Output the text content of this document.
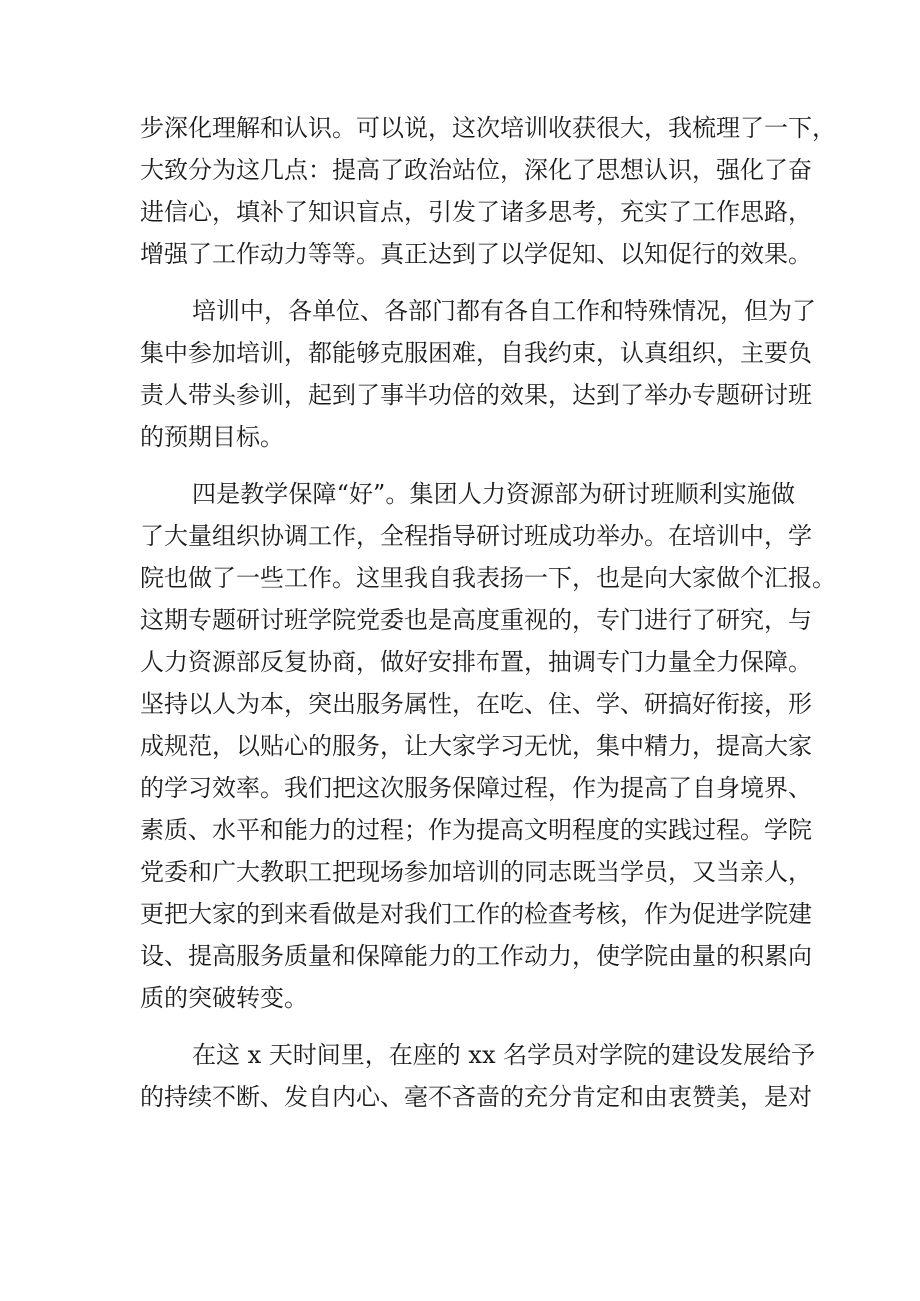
步深化理解和认识。可以说，这次培训收获很大，我梳理了一下，
大致分为这几点：提高了政治站位，深化了思想认识，强化了奋
进信心，填补了知识盲点，引发了诸多思考，充实了工作思路，
增强了工作动力等等。真正达到了以学促知、以知促行的效果。
培训中，各单位、各部门都有各自工作和特殊情况，但为了
集中参加培训，都能够克服困难，自我约束，认真组织，主要负
责人带头参训，起到了事半功倍的效果，达到了举办专题研讨班
的预期目标。
四是教学保障“好”。集团人力资源部为研讨班顺利实施做
了大量组织协调工作，全程指导研讨班成功举办。在培训中，学
院也做了一些工作。这里我自我表扬一下，也是向大家做个汇报。
这期专题研讨班学院党委也是高度重视的，专门进行了研究，与
人力资源部反复协商，做好安排布置，抽调专门力量全力保障。
坚持以人为本，突出服务属性，在吃、住、学、研搞好衔接，形
成规范，以贴心的服务，让大家学习无忧，集中精力，提高大家
的学习效率。我们把这次服务保障过程，作为提高了自身境界、
素质、水平和能力的过程；作为提高文明程度的实践过程。学院
党委和广大教职工把现场参加培训的同志既当学员，又当亲人，
更把大家的到来看做是对我们工作的检查考核，作为促进学院建
设、提高服务质量和保障能力的工作动力，使学院由量的积累向
质的突破转变。
在这 x 天时间里，在座的 xx 名学员对学院的建设发展给予
的持续不断、发自内心、毫不吝啬的充分肯定和由衷赞美，是对
